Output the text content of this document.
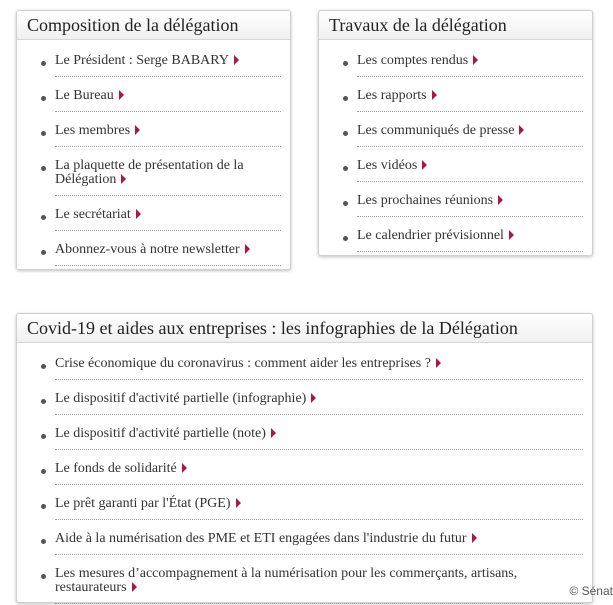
Composition de la délégation
Le Président : Serge BABARY
Le Bureau
Les membres
La plaquette de présentation de la Délégation
Le secrétariat
Abonnez-vous à notre newsletter
Travaux de la délégation
Les comptes rendus
Les rapports
Les communiqués de presse
Les vidéos
Les prochaines réunions
Le calendrier prévisionnel
Covid-19 et aides aux entreprises : les infographies de la Délégation
Crise économique du coronavirus : comment aider les entreprises ?
Le dispositif d'activité partielle (infographie)
Le dispositif d'activité partielle (note)
Le fonds de solidarité
Le prêt garanti par l'État (PGE)
Aide à la numérisation des PME et ETI engagées dans l'industrie du futur
Les mesures d’accompagnement à la numérisation pour les commerçants, artisans, restaurateurs	© Sénat
